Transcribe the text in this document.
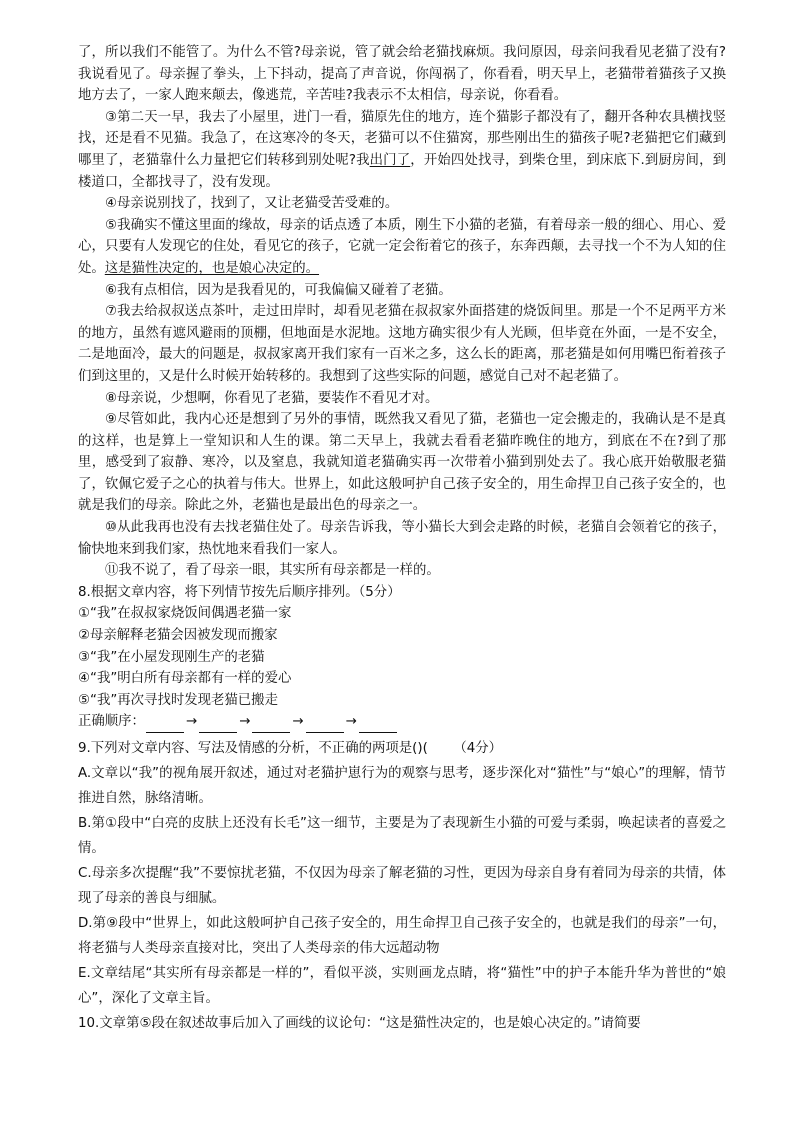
了，所以我们不能管了。为什么不管?母亲说，管了就会给老猫找麻烦。我问原因，母亲问我看见老猫了没有?我说看见了。母亲握了拳头，上下抖动，提高了声音说，你闯祸了，你看看，明天早上，老猫带着猫孩子又换地方去了，一家人跑来颠去，像逃荒，辛苦哇?我表示不太相信，母亲说，你看看。

③第二天一早，我去了小屋里，进门一看，猫原先住的地方，连个猫影子都没有了，翻开各种农具横找竖找，还是看不见猫。我急了，在这寒冷的冬天，老猫可以不住猫窝，那些刚出生的猫孩子呢?老猫把它们藏到哪里了，老猫靠什么力量把它们转移到别处呢?我出门了，开始四处找寻，到柴仓里，到床底下.到厨房间，到楼道口，全都找寻了，没有发现。

④母亲说别找了，找到了，又让老猫受苦受难的。

⑤我确实不懂这里面的缘故，母亲的话点透了本质，刚生下小猫的老猫，有着母亲一般的细心、用心、爱心，只要有人发现它的住处，看见它的孩子，它就一定会衔着它的孩子，东奔西颠，去寻找一个不为人知的住处。这是猫性决定的，也是娘心决定的。

⑥我有点相信，因为是我看见的，可我偏偏又碰着了老猫。

⑦我去给叔叔送点茶叶，走过田岸时，却看见老猫在叔叔家外面搭建的烧饭间里。那是一个不足两平方米的地方，虽然有遮风避雨的顶棚，但地面是水泥地。这地方确实很少有人光顾，但毕竟在外面，一是不安全，二是地面冷，最大的问题是，叔叔家离开我们家有一百米之多，这么长的距离，那老猫是如何用嘴巴衔着孩子们到这里的，又是什么时候开始转移的。我想到了这些实际的问题，感觉自己对不起老猫了。

⑧母亲说，少想啊，你看见了老猫，要装作不看见才对。

⑨尽管如此，我内心还是想到了另外的事情，既然我又看见了猫，老猫也一定会搬走的，我确认是不是真的这样，也是算上一堂知识和人生的课。第二天早上，我就去看看老猫昨晚住的地方，到底在不在?到了那里，感受到了寂静、寒冷，以及窒息，我就知道老猫确实再一次带着小猫到别处去了。我心底开始敬服老猫了，钦佩它爱子之心的执着与伟大。世界上，如此这般呵护自己孩子安全的，用生命捍卫自己孩子安全的，也就是我们的母亲。除此之外，老猫也是最出色的母亲之一。

⑩从此我再也没有去找老猫住处了。母亲告诉我，等小猫长大到会走路的时候，老猫自会领着它的孩子，愉快地来到我们家，热忱地来看我们一家人。

⑪我不说了，看了母亲一眼，其实所有母亲都是一样的。

8.根据文章内容，将下列情节按先后顺序排列。（5分）

①“我”在叔叔家烧饭间偶遇老猫一家

②母亲解释老猫会因被发现而搬家

③“我”在小屋发现刚生产的老猫

④“我”明白所有母亲都有一样的爱心

⑤“我”再次寻找时发现老猫已搬走

正确顺序：	→	→	→	→

9.下列对文章内容、写法及情感的分析，不正确的两项是()(      （4分）

A.文章以“我”的视角展开叙述，通过对老猫护崽行为的观察与思考，逐步深化对“猫性”与“娘心”的理解，情节推进自然，脉络清晰。

B.第①段中“白亮的皮肤上还没有长毛”这一细节，主要是为了表现新生小猫的可爱与柔弱，唤起读者的喜爱之情。

C.母亲多次提醒“我”不要惊扰老猫，不仅因为母亲了解老猫的习性，更因为母亲自身有着同为母亲的共情，体现了母亲的善良与细腻。

D.第⑨段中“世界上，如此这般呵护自己孩子安全的，用生命捍卫自己孩子安全的，也就是我们的母亲”一句，将老猫与人类母亲直接对比，突出了人类母亲的伟大远超动物

E.文章结尾“其实所有母亲都是一样的”，看似平淡，实则画龙点睛，将“猫性”中的护子本能升华为普世的“娘心”，深化了文章主旨。

10.文章第⑤段在叙述故事后加入了画线的议论句：“这是猫性决定的，也是娘心决定的。”请简要
